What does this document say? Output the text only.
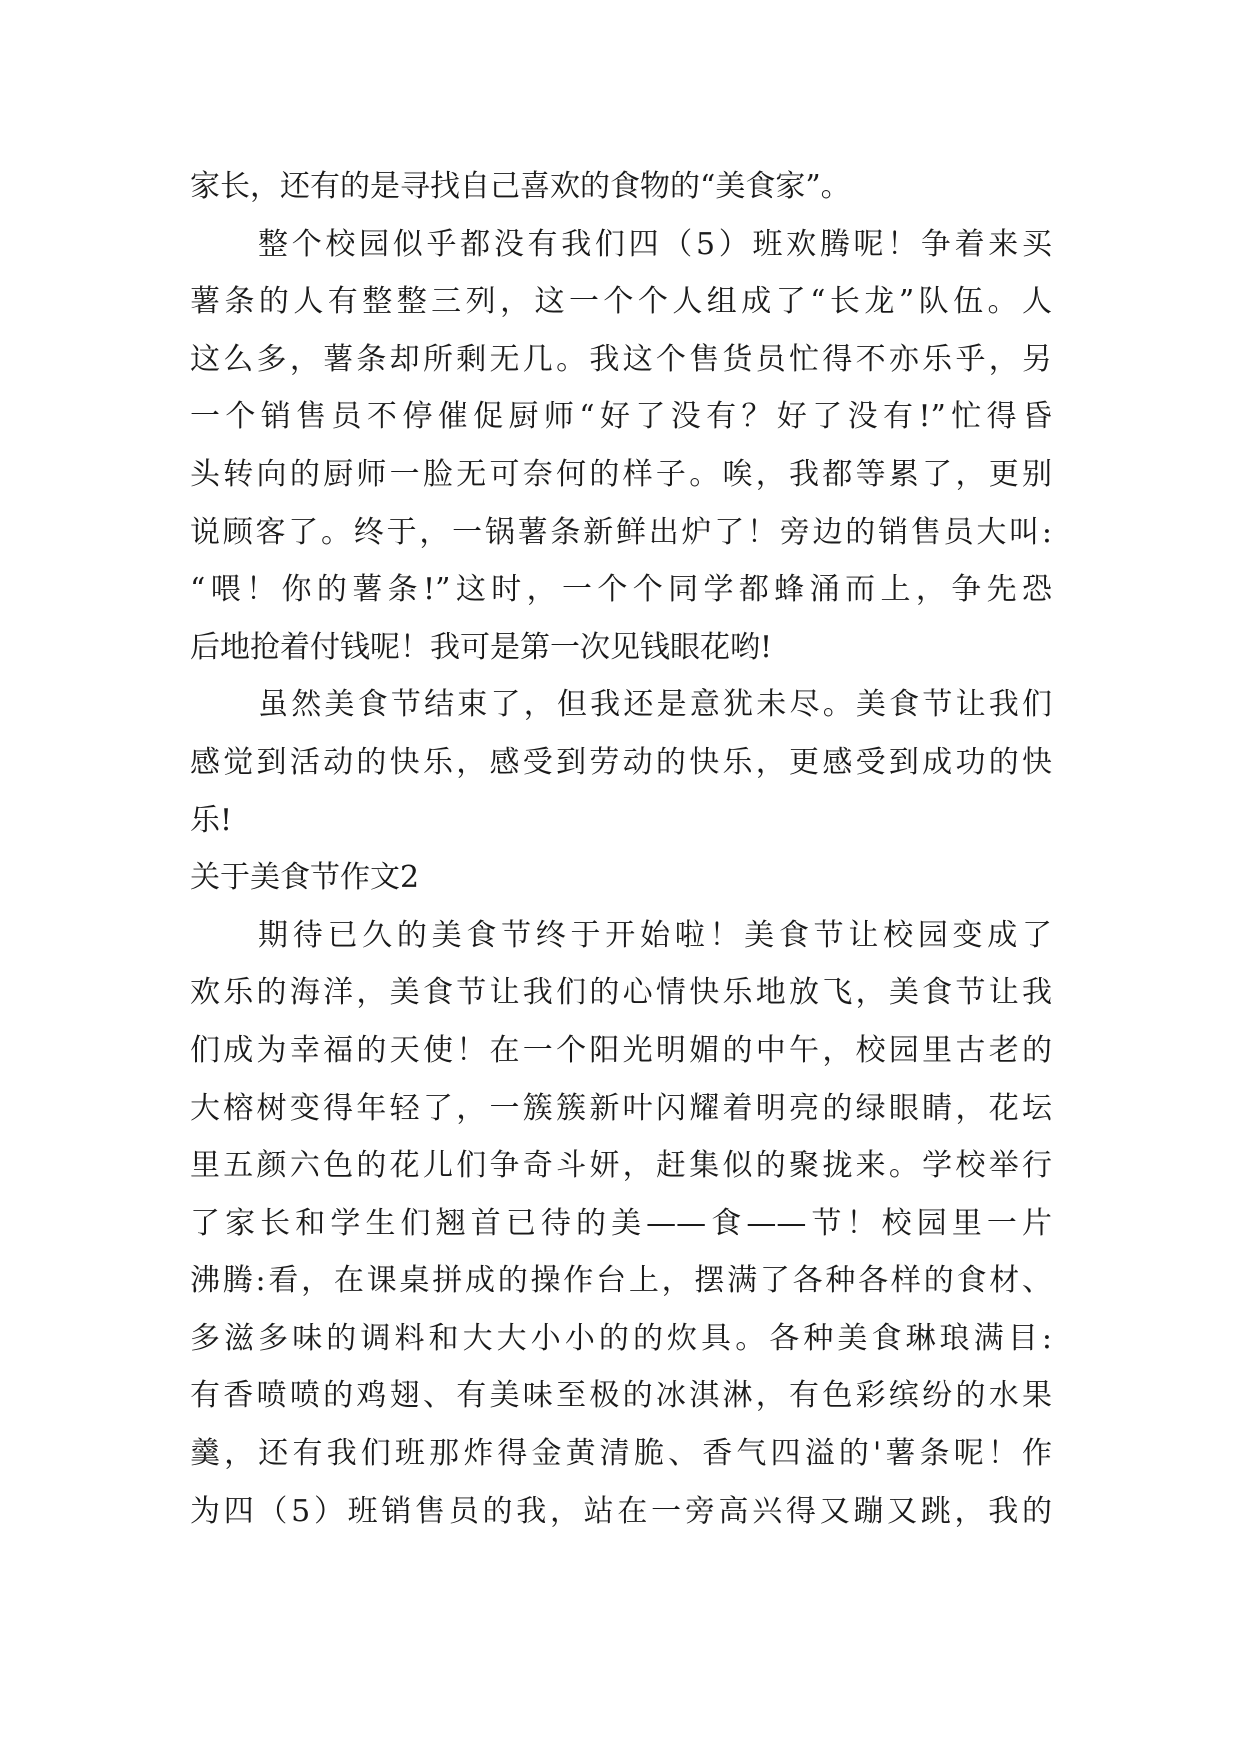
家长，还有的是寻找自己喜欢的食物的“美食家”。
整个校园似乎都没有我们四（5）班欢腾呢！争着来买
薯条的人有整整三列，这一个个人组成了“长龙”队伍。人
这么多，薯条却所剩无几。我这个售货员忙得不亦乐乎，另
一个销售员不停催促厨师“好了没有？好了没有!”忙得昏
头转向的厨师一脸无可奈何的样子。唉，我都等累了，更别
说顾客了。终于，一锅薯条新鲜出炉了！旁边的销售员大叫:
“喂！你的薯条!”这时，一个个同学都蜂涌而上，争先恐
后地抢着付钱呢！我可是第一次见钱眼花哟!
虽然美食节结束了，但我还是意犹未尽。美食节让我们
感觉到活动的快乐，感受到劳动的快乐，更感受到成功的快
乐!
关于美食节作文2
期待已久的美食节终于开始啦！美食节让校园变成了
欢乐的海洋，美食节让我们的心情快乐地放飞，美食节让我
们成为幸福的天使！在一个阳光明媚的中午，校园里古老的
大榕树变得年轻了，一簇簇新叶闪耀着明亮的绿眼睛，花坛
里五颜六色的花儿们争奇斗妍，赶集似的聚拢来。学校举行
了家长和学生们翘首已待的美——食——节！校园里一片
沸腾:看，在课桌拼成的操作台上，摆满了各种各样的食材、
多滋多味的调料和大大小小的的炊具。各种美食琳琅满目:
有香喷喷的鸡翅、有美味至极的冰淇淋，有色彩缤纷的水果
羹，还有我们班那炸得金黄清脆、香气四溢的'薯条呢！作
为四（5）班销售员的我，站在一旁高兴得又蹦又跳，我的
